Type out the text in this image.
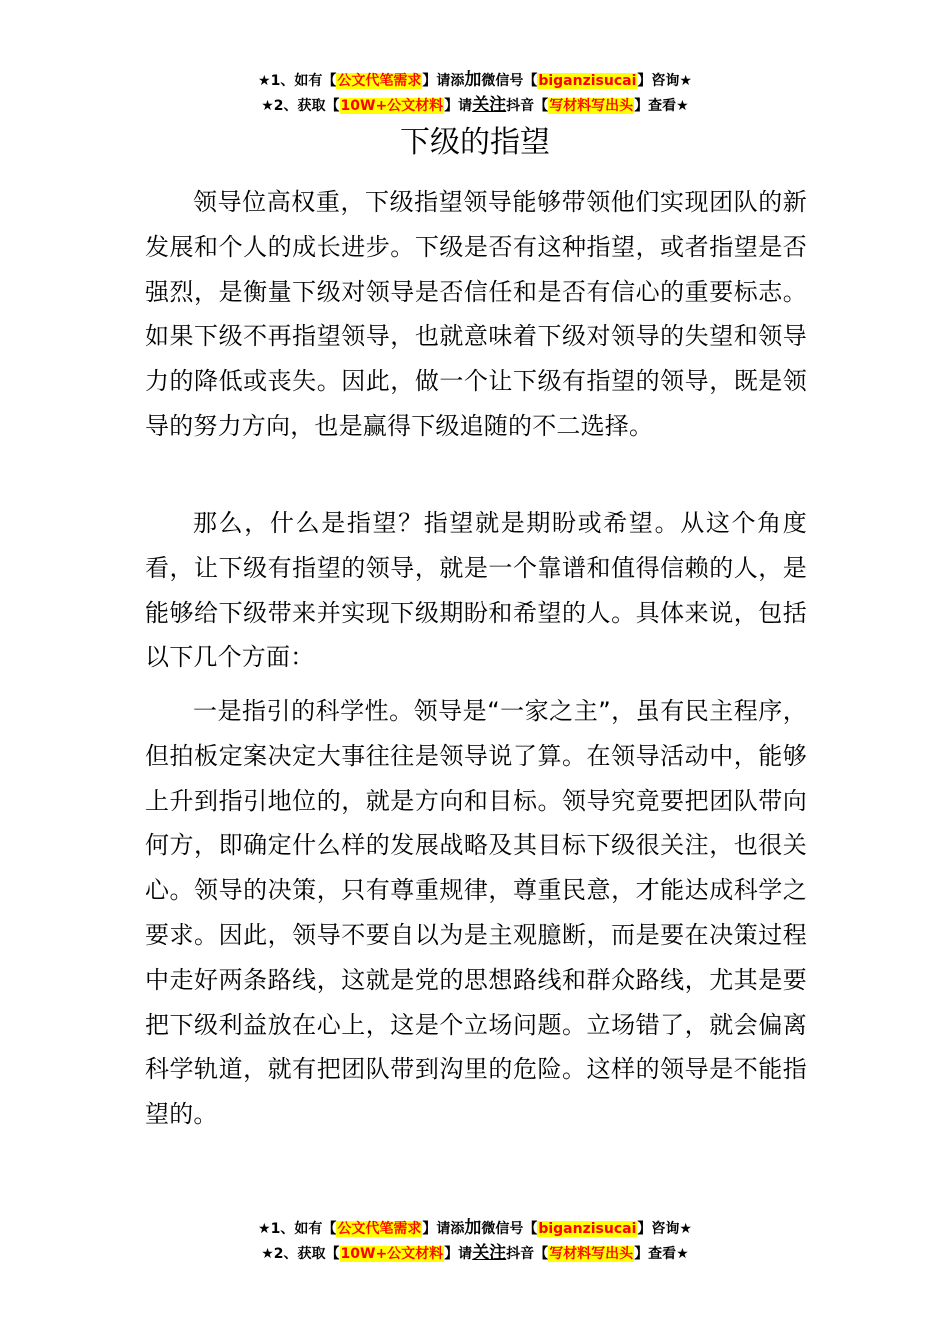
★1、如有【公文代笔需求】请添加微信号【biganzisucai】咨询★
★2、获取【10W+公文材料】请关注抖音【写材料写出头】查看★
下级的指望

领导位高权重，下级指望领导能够带领他们实现团队的新发展和个人的成长进步。下级是否有这种指望，或者指望是否强烈，是衡量下级对领导是否信任和是否有信心的重要标志。如果下级不再指望领导，也就意味着下级对领导的失望和领导力的降低或丧失。因此，做一个让下级有指望的领导，既是领导的努力方向，也是赢得下级追随的不二选择。

那么，什么是指望？指望就是期盼或希望。从这个角度看，让下级有指望的领导，就是一个靠谱和值得信赖的人，是能够给下级带来并实现下级期盼和希望的人。具体来说，包括以下几个方面：

一是指引的科学性。领导是“一家之主”，虽有民主程序，但拍板定案决定大事往往是领导说了算。在领导活动中，能够上升到指引地位的，就是方向和目标。领导究竟要把团队带向何方，即确定什么样的发展战略及其目标下级很关注，也很关心。领导的决策，只有尊重规律，尊重民意，才能达成科学之要求。因此，领导不要自以为是主观臆断，而是要在决策过程中走好两条路线，这就是党的思想路线和群众路线，尤其是要把下级利益放在心上，这是个立场问题。立场错了，就会偏离科学轨道，就有把团队带到沟里的危险。这样的领导是不能指望的。

★1、如有【公文代笔需求】请添加微信号【biganzisucai】咨询★
★2、获取【10W+公文材料】请关注抖音【写材料写出头】查看★
